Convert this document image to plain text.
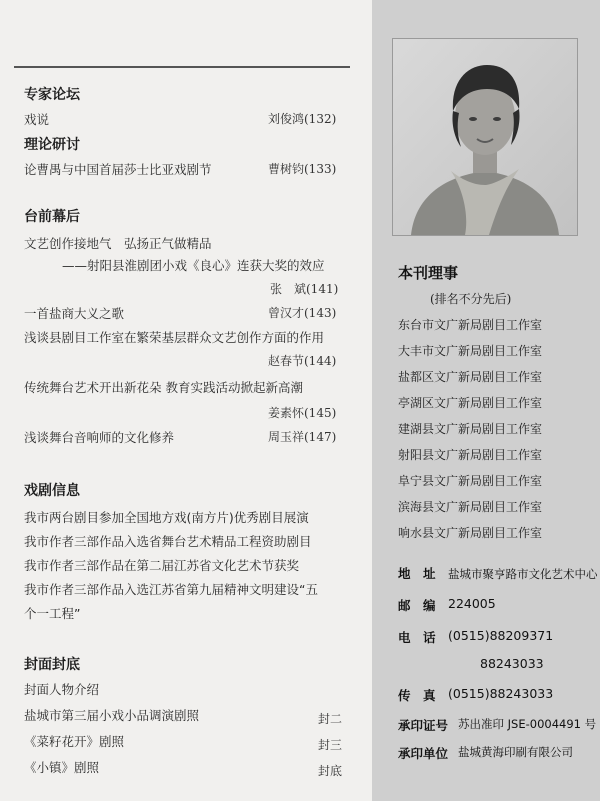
专家论坛
戏说	刘俊鸿(132)
理论研讨
论曹禺与中国首届莎士比亚戏剧节	曹树钧(133)
台前幕后
文艺创作接地气　弘扬正气做精品
——射阳县淮剧团小戏《良心》连获大奖的效应
张　斌(141)
一首盐商大义之歌	曾汉才(143)
浅谈县剧目工作室在繁荣基层群众文艺创作方面的作用
赵春节(144)
传统舞台艺术开出新花朵 教育实践活动掀起新高潮
姜素怀(145)
浅谈舞台音响师的文化修养	周玉祥(147)
戏剧信息
我市两台剧目参加全国地方戏(南方片)优秀剧目展演
我市作者三部作品入选省舞台艺术精品工程资助剧目
我市作者三部作品在第二届江苏省文化艺术节获奖
我市作者三部作品入选江苏省第九届精神文明建设“五
个一工程”
封面封底
封面人物介绍
盐城市第三届小戏小品调演剧照	封二
《菜籽花开》剧照	封三
《小镇》剧照	封底
本刊理事
(排名不分先后)
东台市文广新局剧目工作室
大丰市文广新局剧目工作室
盐都区文广新局剧目工作室
亭湖区文广新局剧目工作室
建湖县文广新局剧目工作室
射阳县文广新局剧目工作室
阜宁县文广新局剧目工作室
滨海县文广新局剧目工作室
响水县文广新局剧目工作室
地　址 盐城市聚亨路市文化艺术中心
邮　编 224005
电　话 (0515)88209371
88243033
传　真 (0515)88243033
承印证号 苏出准印 JSE-0004491 号
承印单位 盐城黄海印刷有限公司
